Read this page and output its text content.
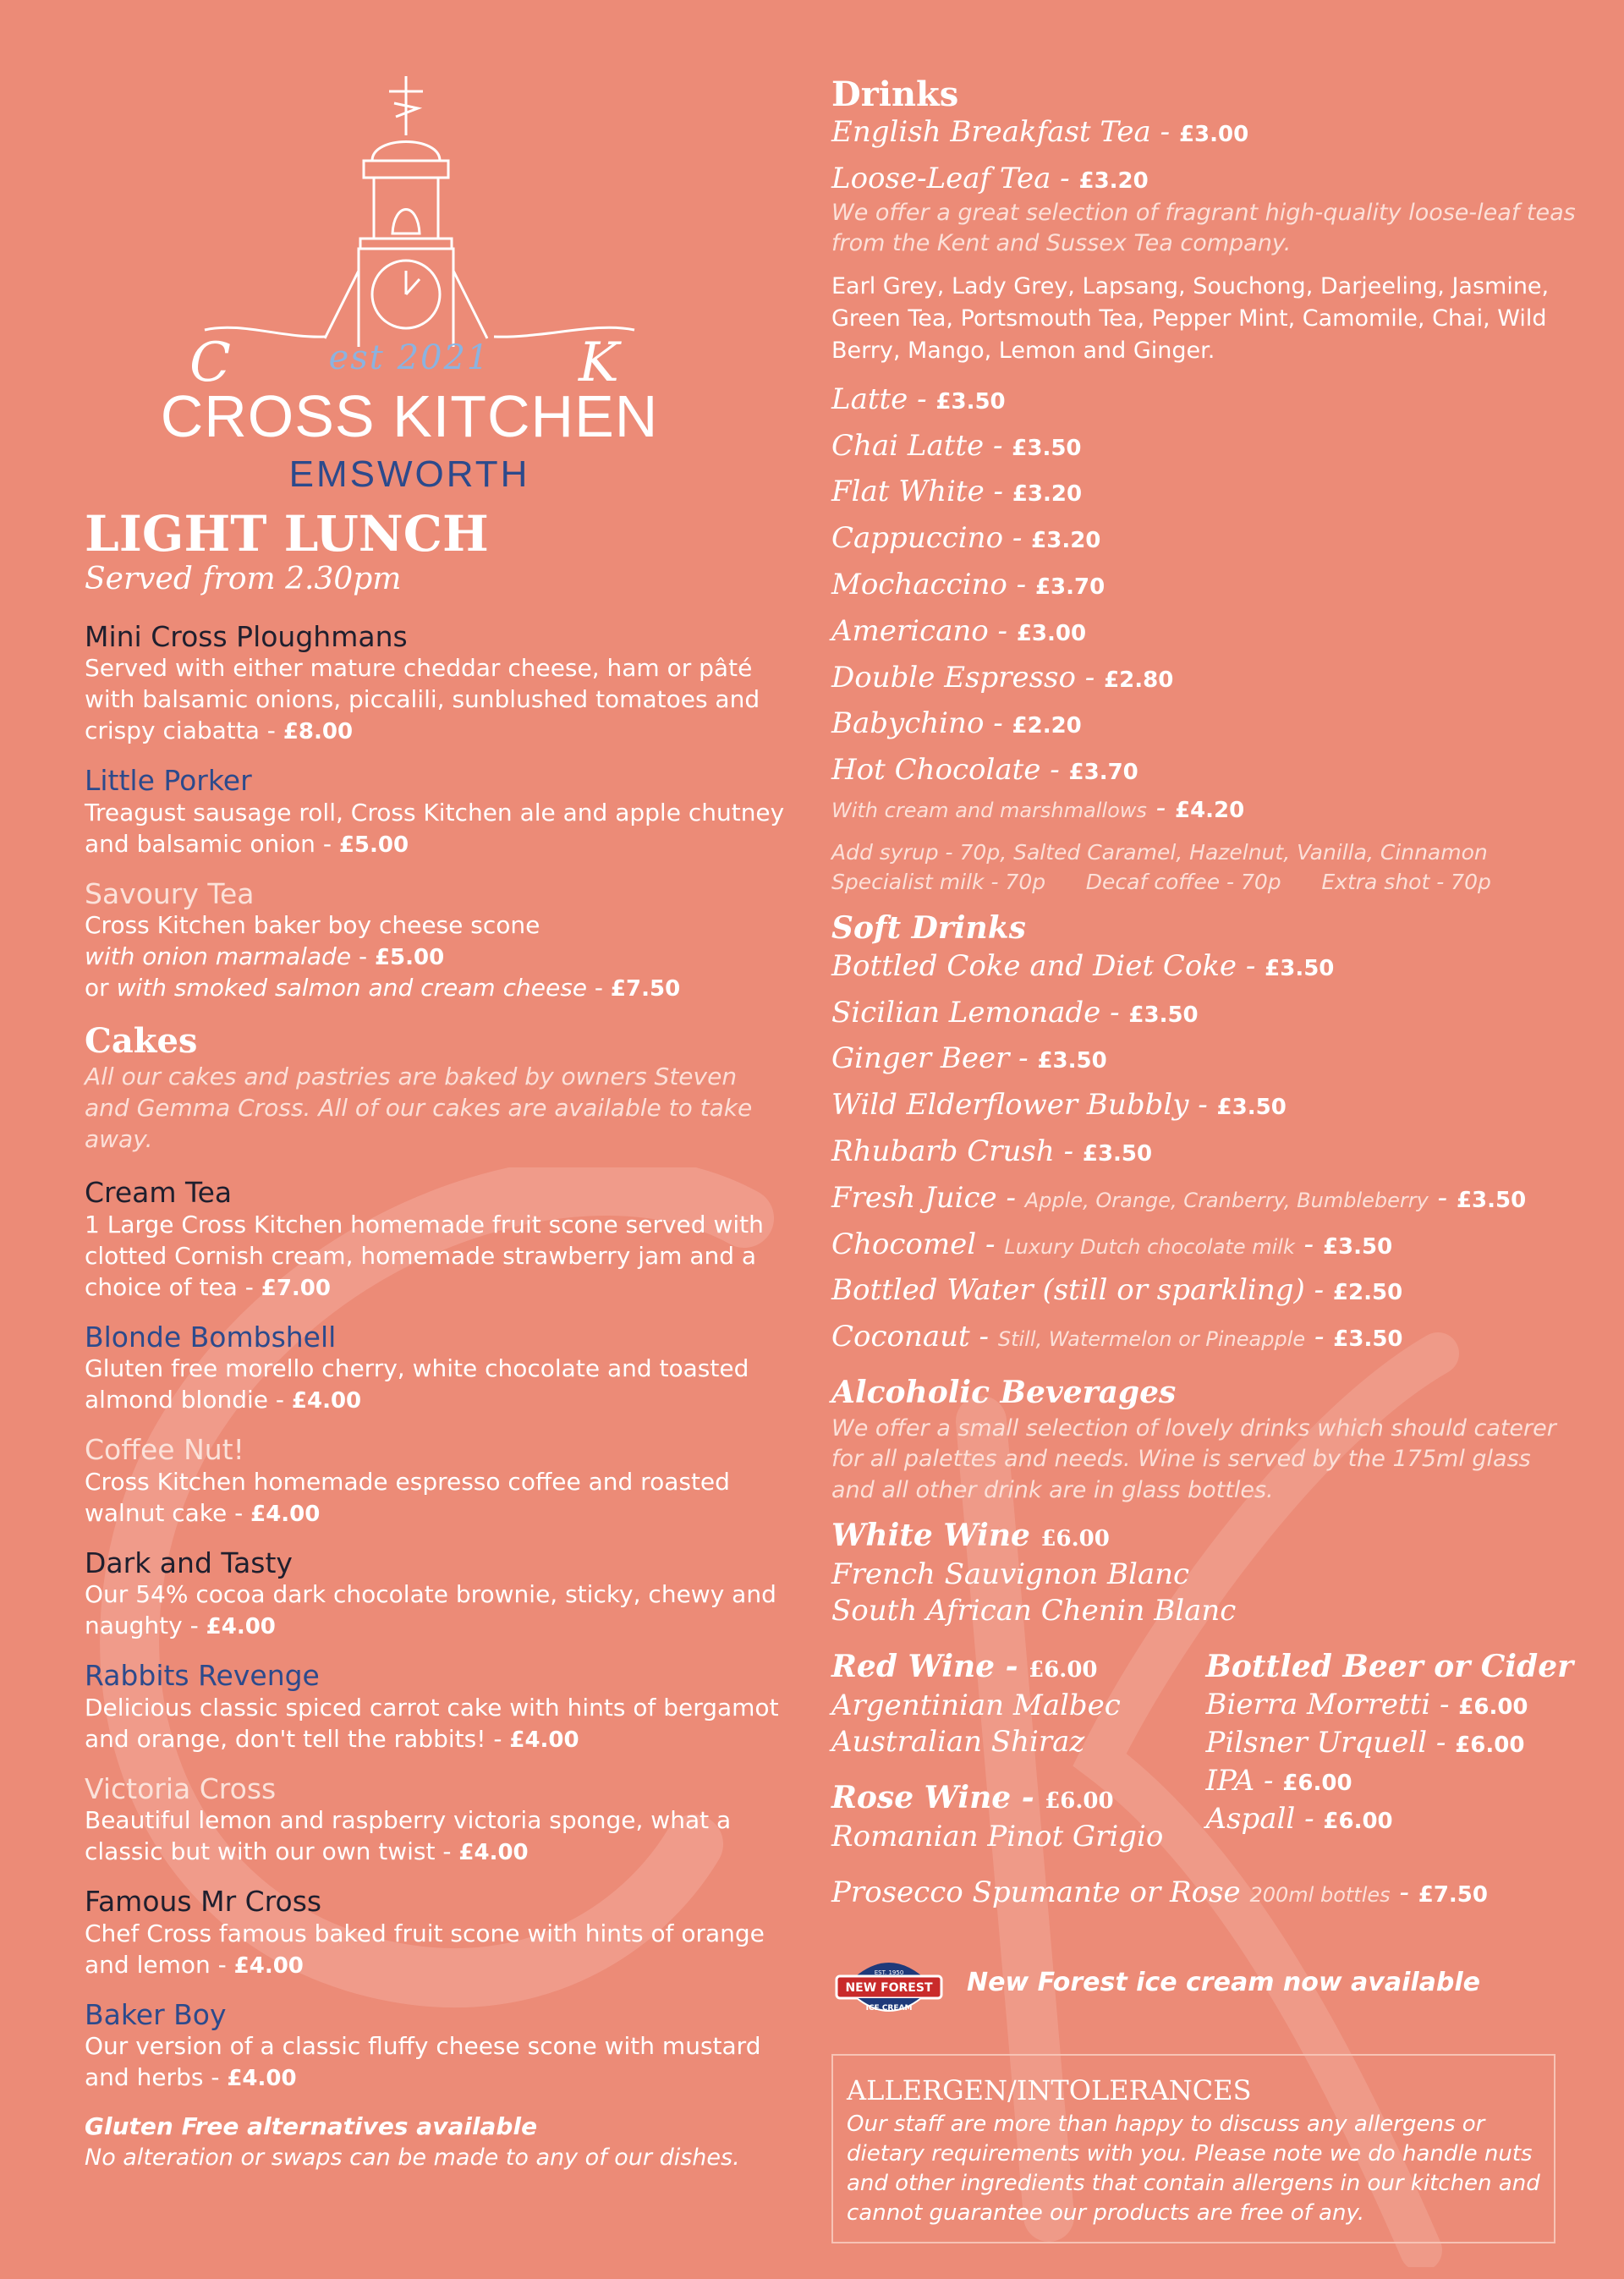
C	K
est 2021
CROSS KITCHEN
EMSWORTH
LIGHT LUNCH

Served from 2.30pm

Mini Cross Ploughmans

Served with either mature cheddar cheese, ham or pâté with balsamic onions, piccalili, sunblushed tomatoes and crispy ciabatta - £8.00

Little Porker

Treagust sausage roll, Cross Kitchen ale and apple chutney and balsamic onion - £5.00

Savoury Tea

Cross Kitchen baker boy cheese scone

with onion marmalade - £5.00

or with smoked salmon and cream cheese - £7.50

Cakes

All our cakes and pastries are baked by owners Steven and Gemma Cross. All of our cakes are available to take away.

Cream Tea

1 Large Cross Kitchen homemade fruit scone served with clotted Cornish cream, homemade strawberry jam and a choice of tea - £7.00

Blonde Bombshell

Gluten free morello cherry, white chocolate and toasted almond blondie - £4.00

Coffee Nut!

Cross Kitchen homemade espresso coffee and roasted walnut cake - £4.00

Dark and Tasty

Our 54% cocoa dark chocolate brownie, sticky, chewy and naughty - £4.00

Rabbits Revenge

Delicious classic spiced carrot cake with hints of bergamot and orange, don't tell the rabbits! - £4.00

Victoria Cross

Beautiful lemon and raspberry victoria sponge, what a classic but with our own twist - £4.00

Famous Mr Cross

Chef Cross famous baked fruit scone with hints of orange and lemon - £4.00

Baker Boy

Our version of a classic fluffy cheese scone with mustard and herbs - £4.00

Gluten Free alternatives available

No alteration or swaps can be made to any of our dishes.

Drinks

English Breakfast Tea - £3.00

Loose-Leaf Tea - £3.20

We offer a great selection of fragrant high-quality loose-leaf teas from the Kent and Sussex Tea company.

Earl Grey, Lady Grey, Lapsang, Souchong, Darjeeling, Jasmine, Green Tea, Portsmouth Tea, Pepper Mint, Camomile, Chai, Wild Berry, Mango, Lemon and Ginger.

Latte - £3.50

Chai Latte - £3.50

Flat White - £3.20

Cappuccino - £3.20

Mochaccino - £3.70

Americano - £3.00

Double Espresso - £2.80

Babychino - £2.20

Hot Chocolate - £3.70

With cream and marshmallows - £4.20

Add syrup - 70p, Salted Caramel, Hazelnut, Vanilla, Cinnamon
Specialist milk - 70p      Decaf coffee - 70p      Extra shot - 70p

Soft Drinks

Bottled Coke and Diet Coke - £3.50

Sicilian Lemonade - £3.50

Ginger Beer - £3.50

Wild Elderflower Bubbly - £3.50

Rhubarb Crush - £3.50

Fresh Juice - Apple, Orange, Cranberry, Bumbleberry - £3.50

Chocomel - Luxury Dutch chocolate milk - £3.50

Bottled Water (still or sparkling) - £2.50

Coconaut - Still, Watermelon or Pineapple - £3.50

Alcoholic Beverages

We offer a small selection of lovely drinks which should caterer for all palettes and needs. Wine is served by the 175ml glass and all other drink are in glass bottles.

White Wine £6.00

French Sauvignon Blanc
South African Chenin Blanc

Red Wine - £6.00

Argentinian Malbec
Australian Shiraz

Rose Wine - £6.00

Romanian Pinot Grigio

Bottled Beer or Cider

Bierra Morretti - £6.00

Pilsner Urquell - £6.00

IPA - £6.00

Aspall - £6.00

Prosecco Spumante or Rose 200ml bottles - £7.50

NEW FOREST
ICE CREAM
EST. 1950 New Forest ice cream now available
ALLERGEN/INTOLERANCES

Our staff are more than happy to discuss any allergens or dietary requirements with you. Please note we do handle nuts and other ingredients that contain allergens in our kitchen and cannot guarantee our products are free of any.
